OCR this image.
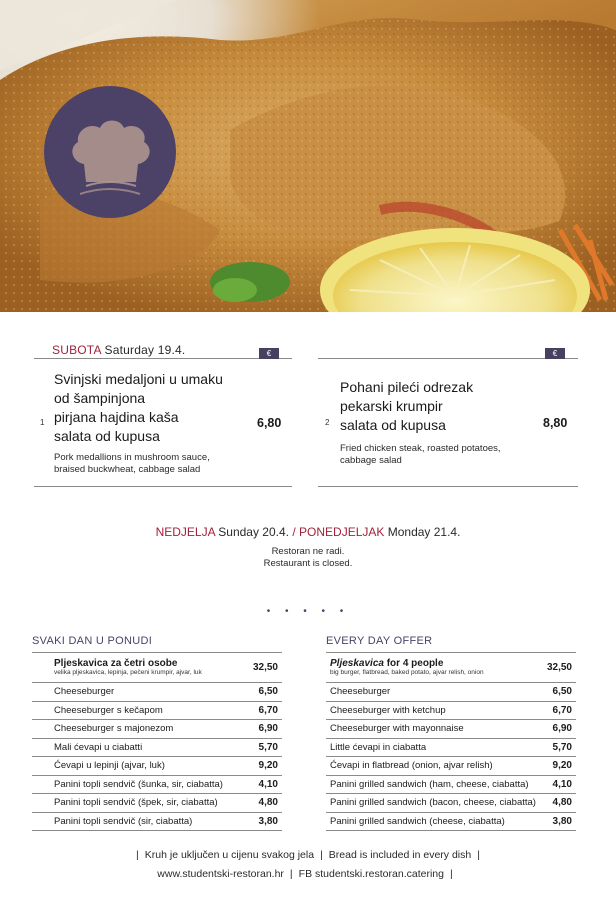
SUBOTA Saturday 19.4.	€	€
1
Svinjski medaljoni u umaku
od šampinjona
pirjana hajdina kaša
salata od kupusa
6,80
Pork medallions in mushroom sauce,
braised buckwheat, cabbage salad
2
Pohani pileći odrezak
pekarski krumpir
salata od kupusa	8,80
Fried chicken steak, roasted potatoes,
cabbage salad
NEDJELJA Sunday 20.4. / PONEDJELJAK Monday 21.4.
Restoran ne radi.
Restaurant is closed.
• • • • •
SVAKI DAN U PONUDI
Pljeskavica za četri osobe
velika pljeskavica, lepinja, pečeni krumpir, ajvar, luk	32,50
Cheeseburger	6,50
Cheeseburger s kečapom	6,70
Cheeseburger s majonezom	6,90
Mali ćevapi u ciabatti	5,70
Ćevapi u lepinji (ajvar, luk)	9,20
Panini topli sendvič (šunka, sir, ciabatta)	4,10
Panini topli sendvič (špek, sir, ciabatta)	4,80
Panini topli sendvič (sir, ciabatta)	3,80
EVERY DAY OFFER
Pljeskavica for 4 people
big burger, flatbread, baked potato, ajvar relish, onion	32,50
Cheeseburger	6,50
Cheeseburger with ketchup	6,70
Cheeseburger with mayonnaise	6,90
Little ćevapi in ciabatta	5,70
Ćevapi in flatbread (onion, ajvar relish)	9,20
Panini grilled sandwich (ham, cheese, ciabatta) 4,10
Panini grilled sandwich (bacon, cheese, ciabatta) 4,80
Panini grilled sandwich (cheese, ciabatta)	3,80
| Kruh je uključen u cijenu svakog jela | Bread is included in every dish |
www.studentski-restoran.hr | FB studentski.restoran.catering |
